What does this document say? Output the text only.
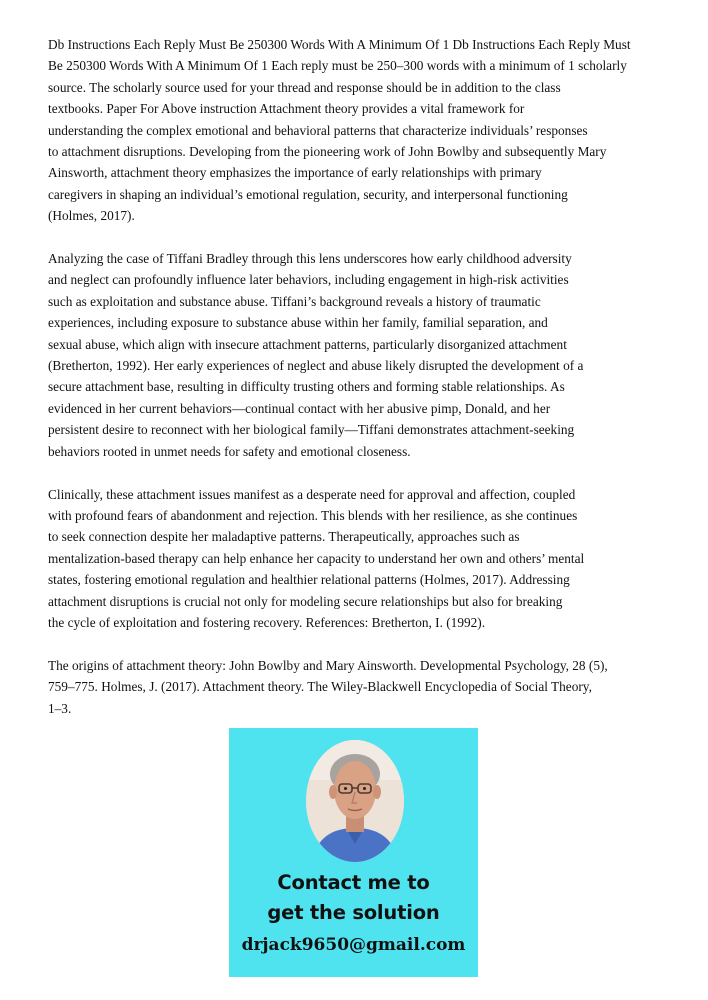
Db Instructions Each Reply Must Be 250300 Words With A Minimum Of 1 Db Instructions Each Reply Must
Be 250300 Words With A Minimum Of 1 Each reply must be 250–300 words with a minimum of 1 scholarly
source. The scholarly source used for your thread and response should be in addition to the class
textbooks. Paper For Above instruction Attachment theory provides a vital framework for
understanding the complex emotional and behavioral patterns that characterize individuals’ responses
to attachment disruptions. Developing from the pioneering work of John Bowlby and subsequently Mary
Ainsworth, attachment theory emphasizes the importance of early relationships with primary
caregivers in shaping an individual’s emotional regulation, security, and interpersonal functioning
(Holmes, 2017).

Analyzing the case of Tiffani Bradley through this lens underscores how early childhood adversity
and neglect can profoundly influence later behaviors, including engagement in high-risk activities
such as exploitation and substance abuse. Tiffani’s background reveals a history of traumatic
experiences, including exposure to substance abuse within her family, familial separation, and
sexual abuse, which align with insecure attachment patterns, particularly disorganized attachment
(Bretherton, 1992). Her early experiences of neglect and abuse likely disrupted the development of a
secure attachment base, resulting in difficulty trusting others and forming stable relationships. As
evidenced in her current behaviors—continual contact with her abusive pimp, Donald, and her
persistent desire to reconnect with her biological family—Tiffani demonstrates attachment-seeking
behaviors rooted in unmet needs for safety and emotional closeness.

Clinically, these attachment issues manifest as a desperate need for approval and affection, coupled
with profound fears of abandonment and rejection. This blends with her resilience, as she continues
to seek connection despite her maladaptive patterns. Therapeutically, approaches such as
mentalization-based therapy can help enhance her capacity to understand her own and others’ mental
states, fostering emotional regulation and healthier relational patterns (Holmes, 2017). Addressing
attachment disruptions is crucial not only for modeling secure relationships but also for breaking
the cycle of exploitation and fostering recovery. References: Bretherton, I. (1992).

The origins of attachment theory: John Bowlby and Mary Ainsworth. Developmental Psychology, 28 (5),
759–775. Holmes, J. (2017). Attachment theory. The Wiley-Blackwell Encyclopedia of Social Theory,
1–3.

Contact me to
get the solution
drjack9650@gmail.com
